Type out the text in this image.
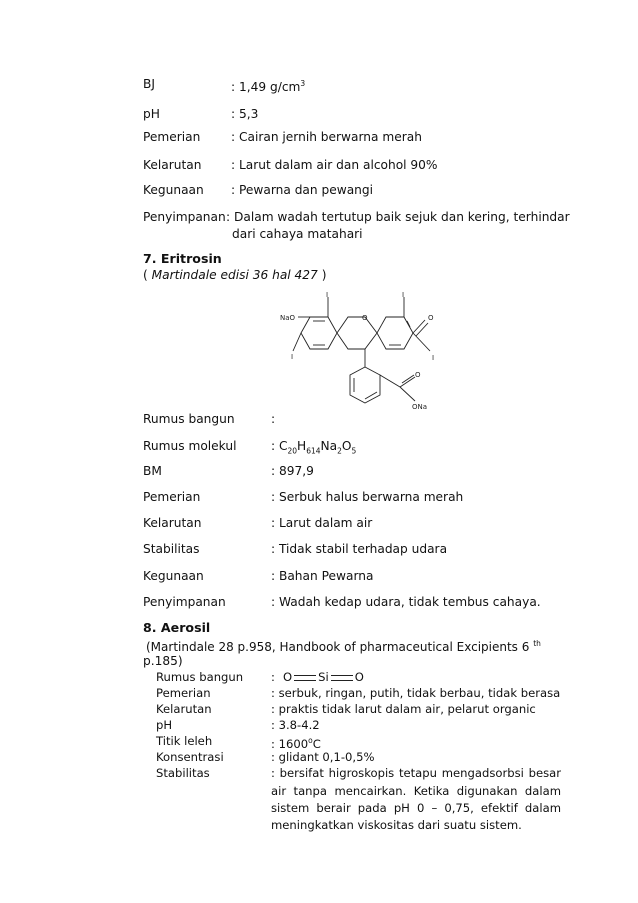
BJ	: 1,49 $g/cm^3$
pH	: 5,3
Pemerian	: Cairan jernih berwarna merah
Kelarutan : Larut dalam air dan alcohol 90%
Kegunaan : Pewarna dan pewangi
Penyimpanan : Dalam wadah tertutup baik sejuk dan kering, terhindar
dari cahaya matahari
7. Eritrosin
( Martindale edisi 36 hal 427 )
NaO	O	O
I	I
I	I
O
ONa
Rumus bangun	:
Rumus molekul	: $C_{20}H_{614}Na_2O_5$
BM	: 897,9
Pemerian	: Serbuk halus berwarna merah
Kelarutan	: Larut dalam air
Stabilitas	: Tidak stabil terhadap udara
Kegunaan	: Bahan Pewarna
Penyimpanan	: Wadah kedap udara, tidak tembus cahaya.
8. Aerosil
(Martindale 28 p.958, Handbook of pharmaceutical Excipients 6 $^{th}$
p.185)
Rumus bangun : O Si O
Pemerian	: serbuk, ringan, putih, tidak berbau, tidak berasa
Kelarutan	: praktis tidak larut dalam air, pelarut organic
pH	: 3.8-4.2
Titik leleh	: 1600$^o$C
Konsentrasi	: glidant 0,1-0,5%
Stabilitas	: bersifat higroskopis tetapu mengadsorbsi besar
air tanpa mencairkan. Ketika digunakan dalam
sistem berair pada pH 0 – 0,75, efektif dalam
meningkatkan viskositas dari suatu sistem.
